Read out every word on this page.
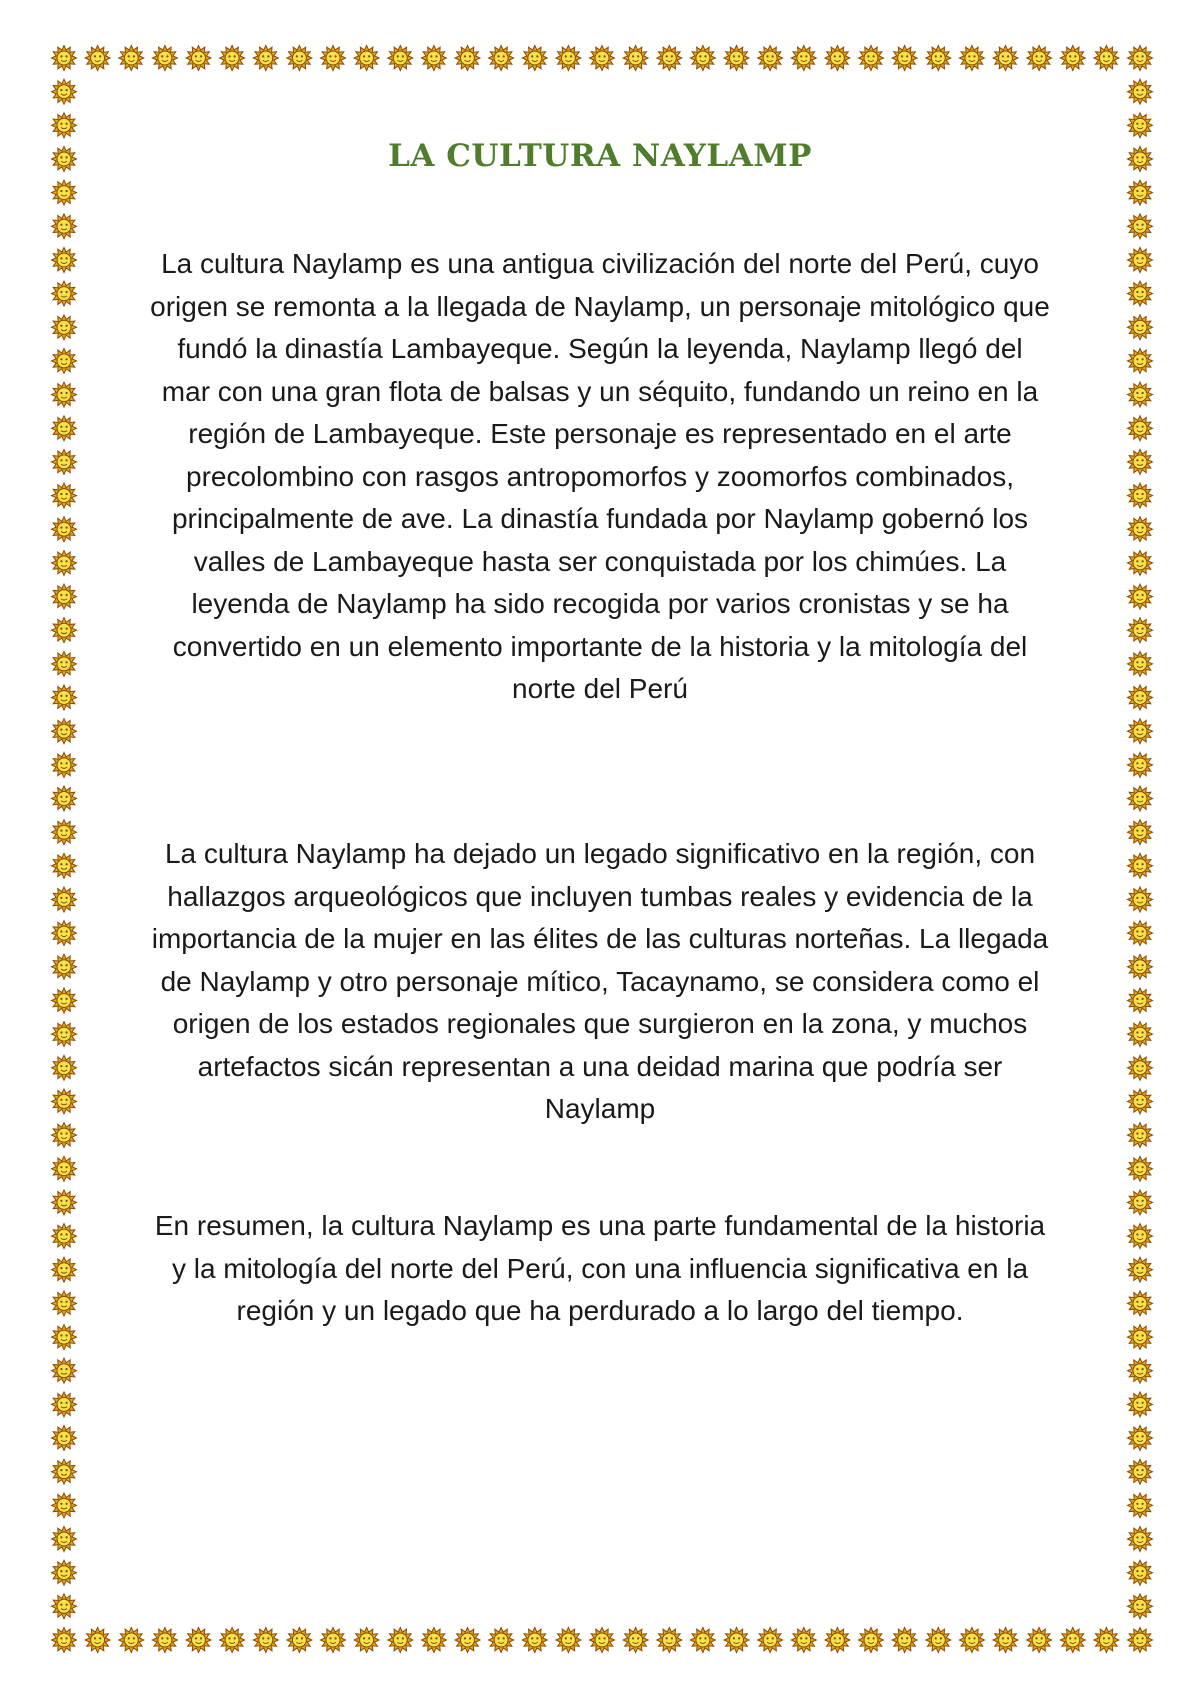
LA CULTURA NAYLAMP

La cultura Naylamp es una antigua civilización del norte del Perú, cuyo origen se remonta a la llegada de Naylamp, un personaje mitológico que fundó la dinastía Lambayeque. Según la leyenda, Naylamp llegó del mar con una gran flota de balsas y un séquito, fundando un reino en la región de Lambayeque. Este personaje es representado en el arte precolombino con rasgos antropomorfos y zoomorfos combinados, principalmente de ave. La dinastía fundada por Naylamp gobernó los valles de Lambayeque hasta ser conquistada por los chimúes. La leyenda de Naylamp ha sido recogida por varios cronistas y se ha convertido en un elemento importante de la historia y la mitología del norte del Perú

La cultura Naylamp ha dejado un legado significativo en la región, con hallazgos arqueológicos que incluyen tumbas reales y evidencia de la importancia de la mujer en las élites de las culturas norteñas. La llegada de Naylamp y otro personaje mítico, Tacaynamo, se considera como el origen de los estados regionales que surgieron en la zona, y muchos artefactos sicán representan a una deidad marina que podría ser Naylamp

En resumen, la cultura Naylamp es una parte fundamental de la historia y la mitología del norte del Perú, con una influencia significativa en la región y un legado que ha perdurado a lo largo del tiempo.
